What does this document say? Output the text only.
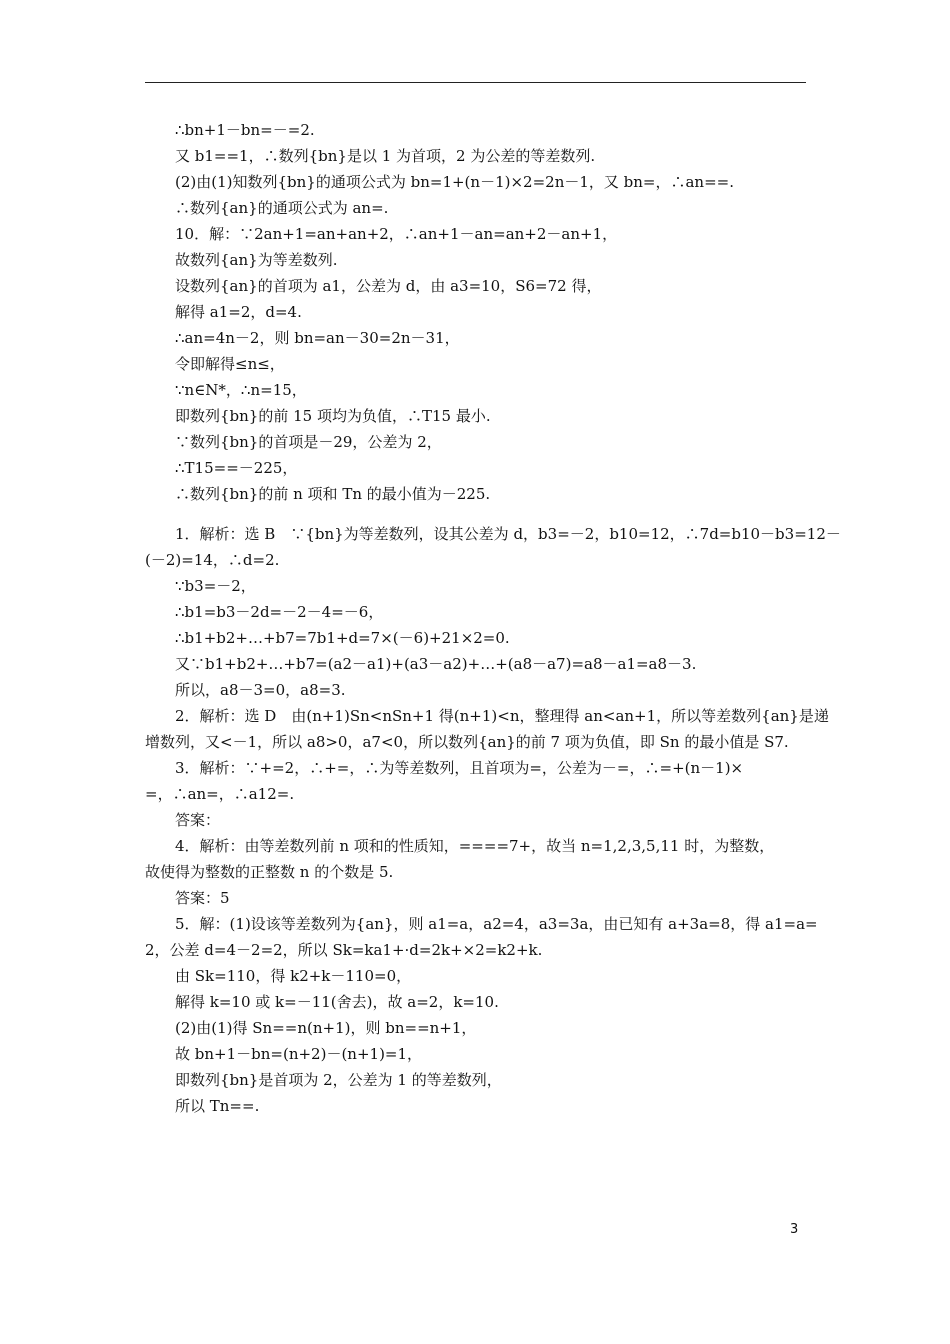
∴bn+1－bn=－=2.
又 b1==1，∴数列{bn}是以 1 为首项，2 为公差的等差数列.
(2)由(1)知数列{bn}的通项公式为 bn=1+(n－1)×2=2n－1，又 bn=，∴an==.
∴数列{an}的通项公式为 an=.
10．解：∵2an+1=an+an+2，∴an+1－an=an+2－an+1，
故数列{an}为等差数列.
设数列{an}的首项为 a1，公差为 d，由 a3=10，S6=72 得，
解得 a1=2，d=4.
∴an=4n－2，则 bn=an－30=2n－31，
令即解得≤n≤，
∵n∈N*，∴n=15，
即数列{bn}的前 15 项均为负值，∴T15 最小.
∵数列{bn}的首项是－29，公差为 2，
∴T15==－225，
∴数列{bn}的前 n 项和 Tn 的最小值为－225.
1．解析：选 B　∵{bn}为等差数列，设其公差为 d，b3=－2，b10=12，∴7d=b10－b3=12－
(－2)=14，∴d=2.
∵b3=－2，
∴b1=b3－2d=－2－4=－6，
∴b1+b2+…+b7=7b1+d=7×(－6)+21×2=0.
又∵b1+b2+…+b7=(a2－a1)+(a3－a2)+…+(a8－a7)=a8－a1=a8－3.
所以，a8－3=0，a8=3.
2．解析：选 D　由(n+1)Sn<nSn+1 得(n+1)<n，整理得 an<an+1，所以等差数列{an}是递
增数列，又<－1，所以 a8>0，a7<0，所以数列{an}的前 7 项为负值，即 Sn 的最小值是 S7.
3．解析：∵+=2，∴+=，∴为等差数列，且首项为=，公差为－=，∴=+(n－1)×
=，∴an=，∴a12=.
答案：
4．解析：由等差数列前 n 项和的性质知，====7+，故当 n=1,2,3,5,11 时，为整数，
故使得为整数的正整数 n 的个数是 5.
答案：5
5．解：(1)设该等差数列为{an}，则 a1=a，a2=4，a3=3a，由已知有 a+3a=8，得 a1=a=
2，公差 d=4－2=2，所以 Sk=ka1+·d=2k+×2=k2+k.
由 Sk=110，得 k2+k－110=0，
解得 k=10 或 k=－11(舍去)，故 a=2，k=10.
(2)由(1)得 Sn==n(n+1)，则 bn==n+1，
故 bn+1－bn=(n+2)－(n+1)=1，
即数列{bn}是首项为 2，公差为 1 的等差数列，
所以 Tn==.
3
